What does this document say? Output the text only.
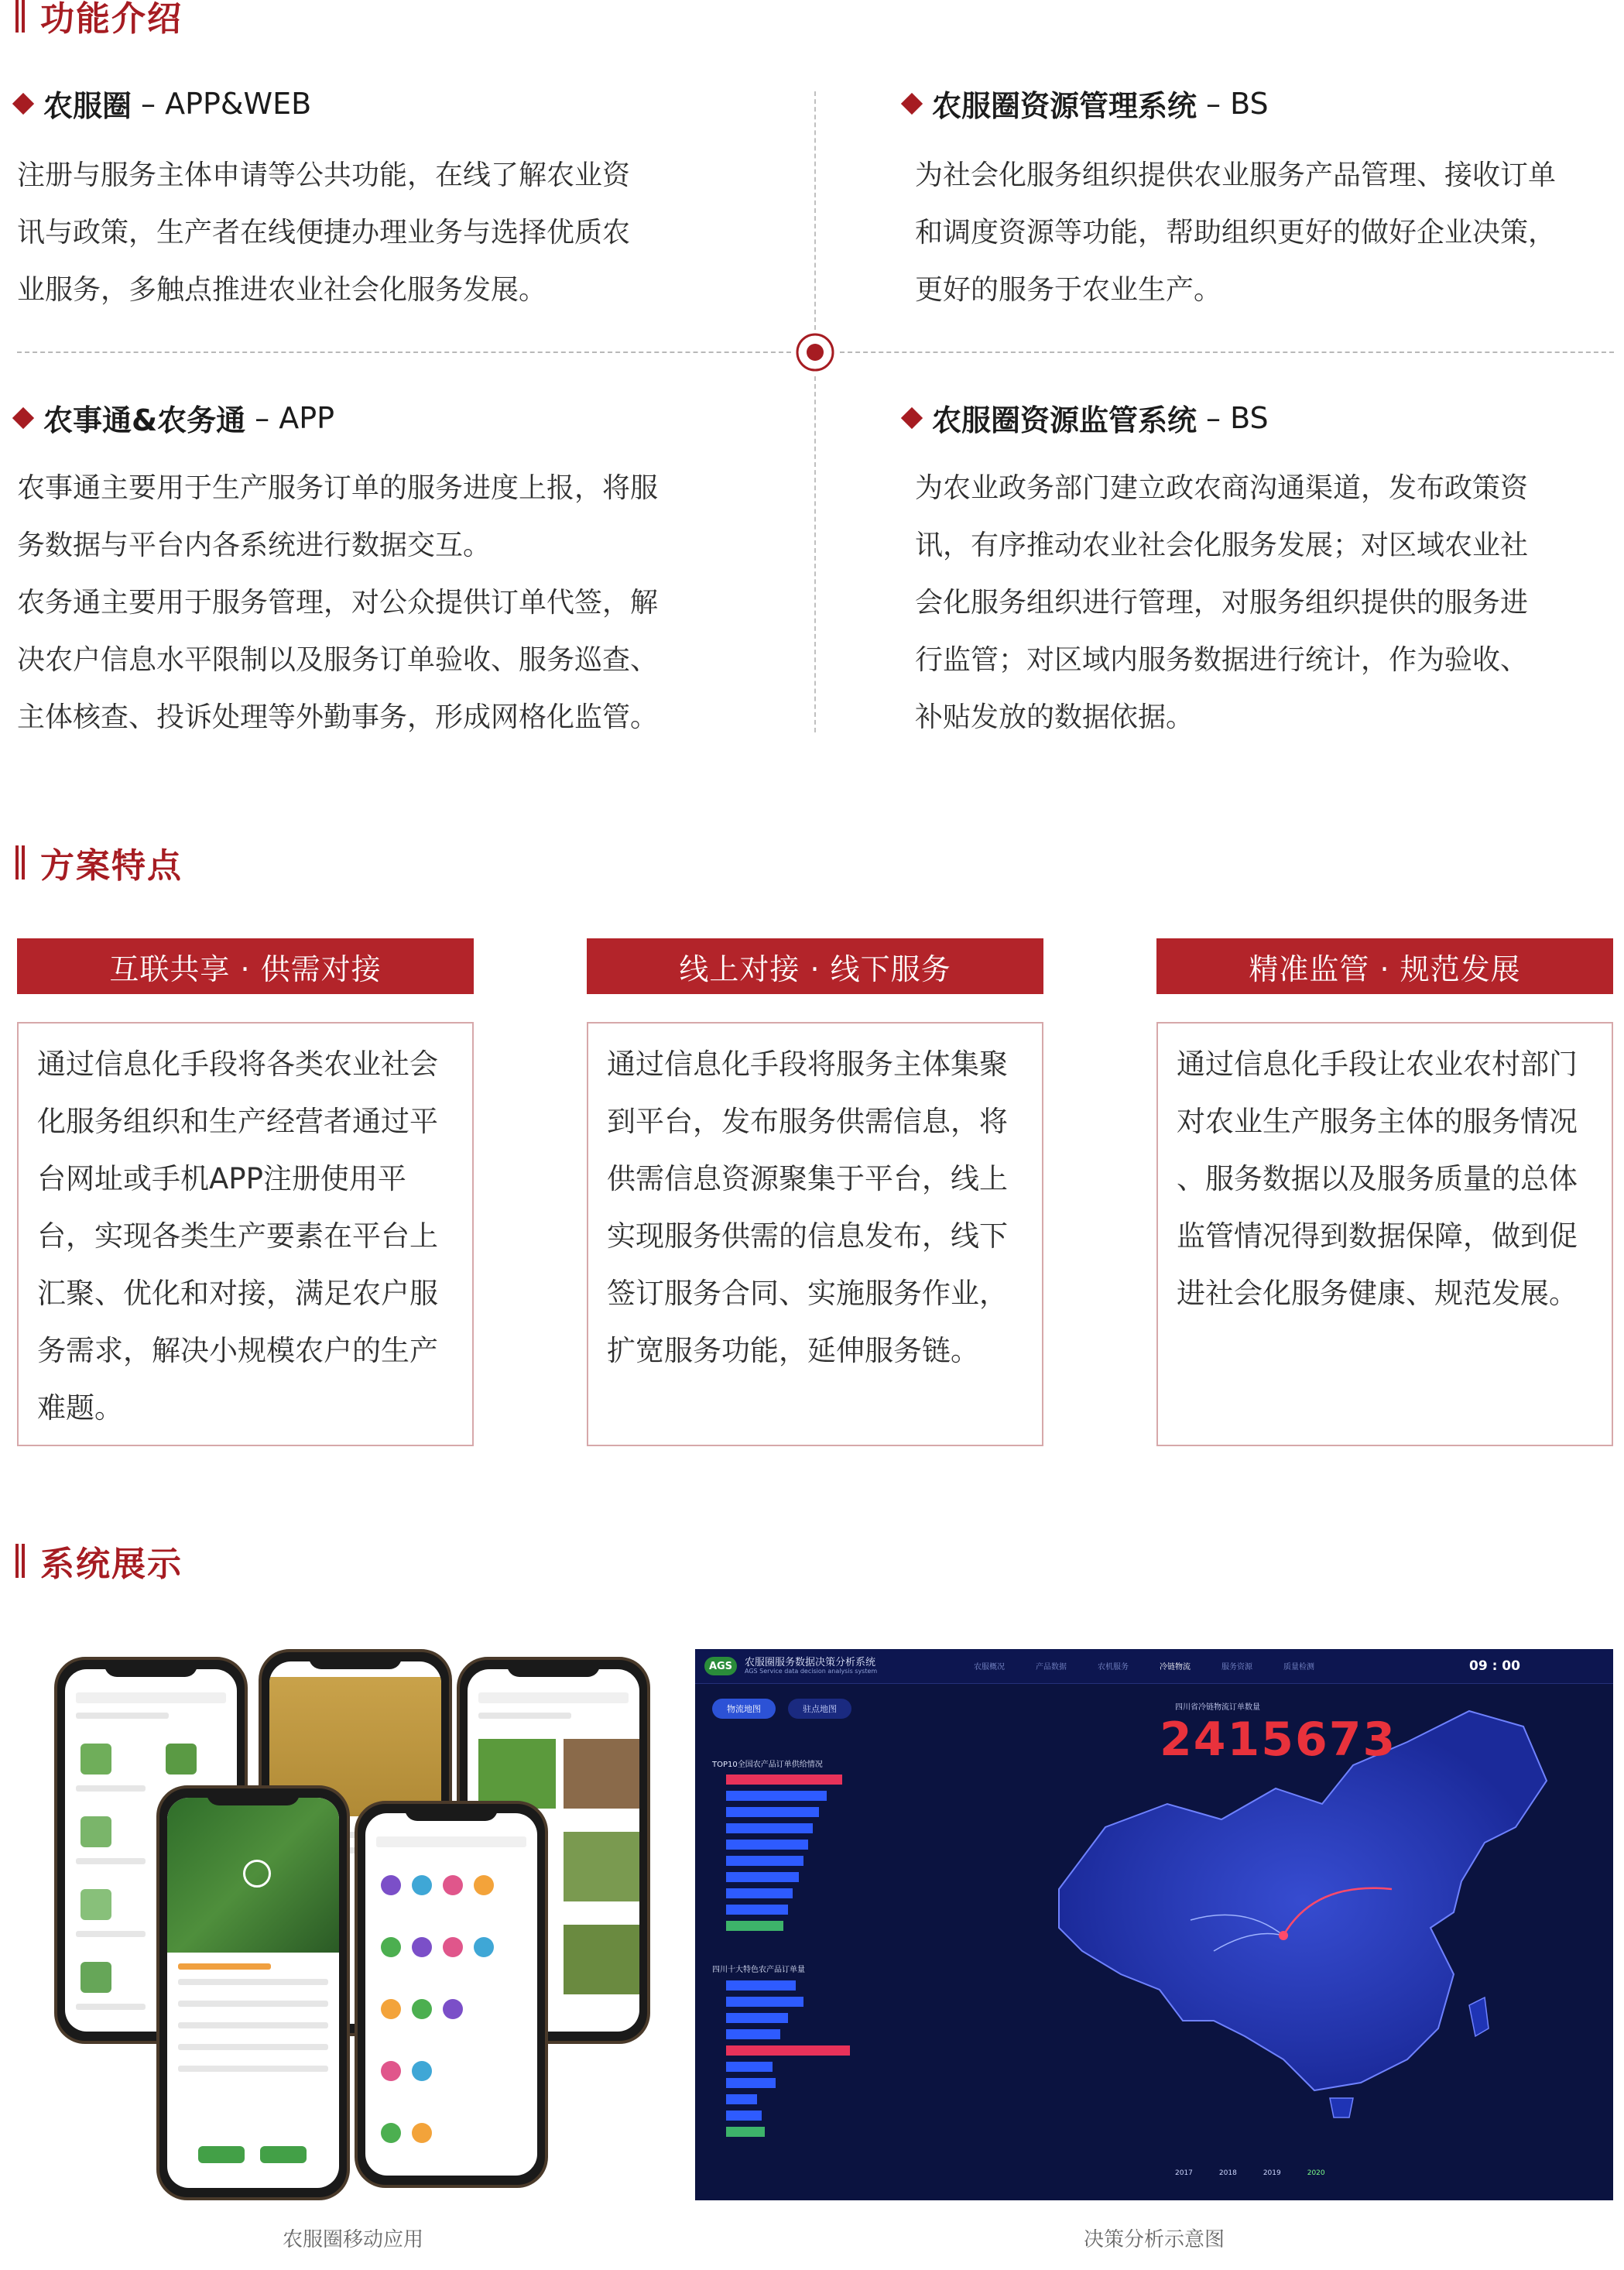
功能介绍
农服圈 – APP&WEB
注册与服务主体申请等公共功能，在线了解农业资
讯与政策，生产者在线便捷办理业务与选择优质农
业服务，多触点推进农业社会化服务发展。
农服圈资源管理系统 – BS
为社会化服务组织提供农业服务产品管理、接收订单
和调度资源等功能，帮助组织更好的做好企业决策，
更好的服务于农业生产。
农事通&农务通 – APP
农事通主要用于生产服务订单的服务进度上报，将服
务数据与平台内各系统进行数据交互。
农务通主要用于服务管理，对公众提供订单代签，解
决农户信息水平限制以及服务订单验收、服务巡查、
主体核查、投诉处理等外勤事务，形成网格化监管。
农服圈资源监管系统 – BS
为农业政务部门建立政农商沟通渠道，发布政策资
讯，有序推动农业社会化服务发展；对区域农业社
会化服务组织进行管理，对服务组织提供的服务进
行监管；对区域内服务数据进行统计，作为验收、
补贴发放的数据依据。
方案特点
互联共享 · 供需对接
通过信息化手段将各类农业社会
化服务组织和生产经营者通过平
台网址或手机APP注册使用平
台，实现各类生产要素在平台上
汇聚、优化和对接，满足农户服
务需求，解决小规模农户的生产
难题。
线上对接 · 线下服务
通过信息化手段将服务主体集聚
到平台，发布服务供需信息，将
供需信息资源聚集于平台，线上
实现服务供需的信息发布，线下
签订服务合同、实施服务作业，
扩宽服务功能，延伸服务链。
精准监管 · 规范发展
通过信息化手段让农业农村部门
对农业生产服务主体的服务情况
、服务数据以及服务质量的总体
监管情况得到数据保障，做到促
进社会化服务健康、规范发展。
系统展示
农服圈移动应用
AGS	农服圈服务数据决策分析系统
AGS Service data decision analysis system	农服概况	产品数据	农机服务	冷链物流	服务资源	质量检测	09 : 00
物流地图	驻点地图
TOP10全国农产品订单供给情况
四川十大特色农产品订单量
四川省冷链物流订单数量
2415673
2017	2018	2019	2020
决策分析示意图
